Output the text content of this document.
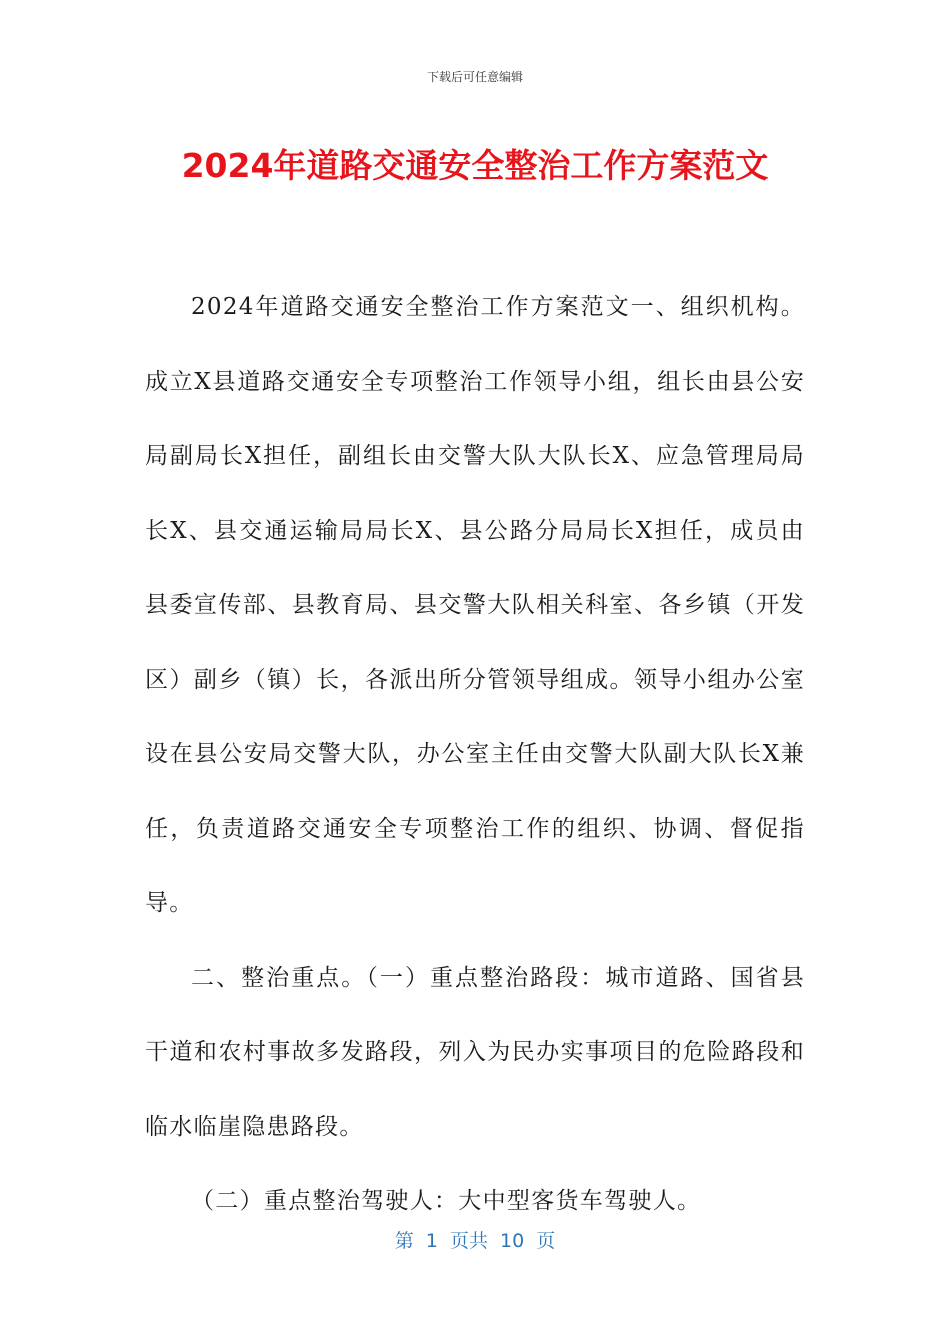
下载后可任意编辑
2024年道路交通安全整治工作方案范文

2024年道路交通安全整治工作方案范文一、组织机构。成立X县道路交通安全专项整治工作领导小组，组长由县公安局副局长X担任，副组长由交警大队大队长X、应急管理局局长X、县交通运输局局长X、县公路分局局长X担任，成员由县委宣传部、县教育局、县交警大队相关科室、各乡镇（开发区）副乡（镇）长，各派出所分管领导组成。领导小组办公室设在县公安局交警大队，办公室主任由交警大队副大队长X兼任，负责道路交通安全专项整治工作的组织、协调、督促指导。

二、整治重点。（一）重点整治路段：城市道路、国省县干道和农村事故多发路段，列入为民办实事项目的危险路段和临水临崖隐患路段。

（二）重点整治驾驶人：大中型客货车驾驶人。

第  1  页共  10  页
